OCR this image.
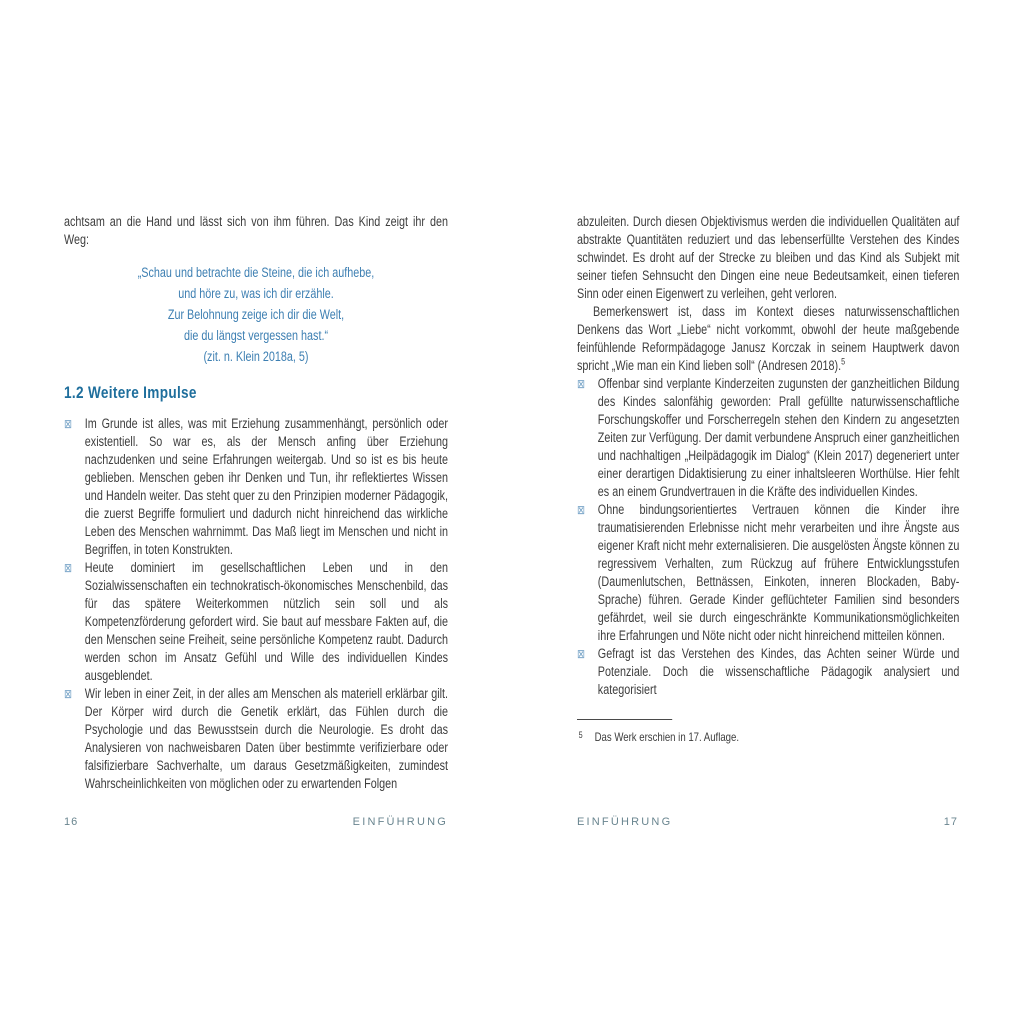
achtsam an die Hand und lässt sich von ihm führen. Das Kind zeigt ihr den Weg:

„Schau und betrachte die Steine, die ich aufhebe,
und höre zu, was ich dir erzähle.
Zur Belohnung zeige ich dir die Welt,
die du längst vergessen hast.“
(zit. n. Klein 2018a, 5)
1.2 Weitere Impulse
⊠ Im Grunde ist alles, was mit Erziehung zusammenhängt, persönlich oder existentiell. So war es, als der Mensch anfing über Erziehung nachzudenken und seine Erfahrungen weitergab. Und so ist es bis heute geblieben. Menschen geben ihr Denken und Tun, ihr reflektiertes Wissen und Handeln weiter. Das steht quer zu den Prinzipien moderner Pädagogik, die zuerst Begriffe formuliert und dadurch nicht hinreichend das wirkliche Leben des Menschen wahrnimmt. Das Maß liegt im Menschen und nicht in Begriffen, in toten Konstrukten.
⊠ Heute dominiert im gesellschaftlichen Leben und in den Sozialwissenschaften ein technokratisch-ökonomisches Menschenbild, das für das spätere Weiterkommen nützlich sein soll und als Kompetenzförderung gefordert wird. Sie baut auf messbare Fakten auf, die den Menschen seine Freiheit, seine persönliche Kompetenz raubt. Dadurch werden schon im Ansatz Gefühl und Wille des individuellen Kindes ausgeblendet.
⊠ Wir leben in einer Zeit, in der alles am Menschen als materiell erklärbar gilt. Der Körper wird durch die Genetik erklärt, das Fühlen durch die Psychologie und das Bewusstsein durch die Neurologie. Es droht das Analysieren von nachweisbaren Daten über bestimmte verifizierbare oder falsifizierbare Sachverhalte, um daraus Gesetzmäßigkeiten, zumindest Wahrscheinlichkeiten von möglichen oder zu erwartenden Folgen

abzuleiten. Durch diesen Objektivismus werden die individuellen Qualitäten auf abstrakte Quantitäten reduziert und das lebenserfüllte Verstehen des Kindes schwindet. Es droht auf der Strecke zu bleiben und das Kind als Subjekt mit seiner tiefen Sehnsucht den Dingen eine neue Bedeutsamkeit, einen tieferen Sinn oder einen Eigenwert zu verleihen, geht verloren.

Bemerkenswert ist, dass im Kontext dieses naturwissenschaftlichen Denkens das Wort „Liebe“ nicht vorkommt, obwohl der heute maßgebende feinfühlende Reformpädagoge Janusz Korczak in seinem Hauptwerk davon spricht „Wie man ein Kind lieben soll“ (Andresen 2018).$^5$

⊠ Offenbar sind verplante Kinderzeiten zugunsten der ganzheitlichen Bildung des Kindes salonfähig geworden: Prall gefüllte naturwissenschaftliche Forschungskoffer und Forscherregeln stehen den Kindern zu angesetzten Zeiten zur Verfügung. Der damit verbundene Anspruch einer ganzheitlichen und nachhaltigen „Heilpädagogik im Dialog“ (Klein 2017) degeneriert unter einer derartigen Didaktisierung zu einer inhaltsleeren Worthülse. Hier fehlt es an einem Grundvertrauen in die Kräfte des individuellen Kindes.
⊠ Ohne bindungsorientiertes Vertrauen können die Kinder ihre traumatisierenden Erlebnisse nicht mehr verarbeiten und ihre Ängste aus eigener Kraft nicht mehr externalisieren. Die ausgelösten Ängste können zu regressivem Verhalten, zum Rückzug auf frühere Entwicklungsstufen (Daumenlutschen, Bettnässen, Einkoten, inneren Blockaden, Baby-Sprache) führen. Gerade Kinder geflüchteter Familien sind besonders gefährdet, weil sie durch eingeschränkte Kommunikationsmöglichkeiten ihre Erfahrungen und Nöte nicht oder nicht hinreichend mitteilen können.
⊠ Gefragt ist das Verstehen des Kindes, das Achten seiner Würde und Potenziale. Doch die wissenschaftliche Pädagogik analysiert und kategorisiert

5 Das Werk erschien in 17. Auflage.

16	EINFÜHRUNG	EINFÜHRUNG	17
